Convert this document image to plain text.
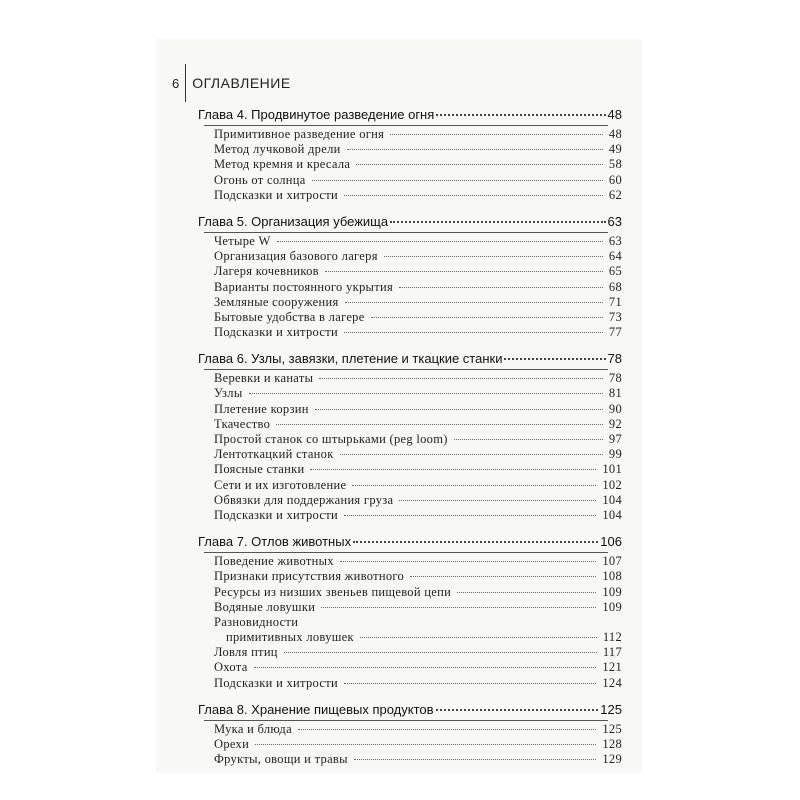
6 ОГЛАВЛЕНИЕ
Глава 4. Продвинутое разведение огня	48
Примитивное разведение огня	48
Метод лучковой дрели	49
Метод кремня и кресала	58
Огонь от солнца	60
Подсказки и хитрости	62
Глава 5. Организация убежища	63
Четыре W	63
Организация базового лагеря	64
Лагеря кочевников	65
Варианты постоянного укрытия	68
Земляные сооружения	71
Бытовые удобства в лагере	73
Подсказки и хитрости	77
Глава 6. Узлы, завязки, плетение и ткацкие станки	78
Веревки и канаты	78
Узлы	81
Плетение корзин	90
Ткачество	92
Простой станок со штырьками (peg loom)	97
Лентоткацкий станок	99
Поясные станки	101
Сети и их изготовление	102
Обвязки для поддержания груза	104
Подсказки и хитрости	104
Глава 7. Отлов животных	106
Поведение животных	107
Признаки присутствия животного	108
Ресурсы из низших звеньев пищевой цепи	109
Водяные ловушки	109
Разновидности
примитивных ловушек	112
Ловля птиц	117
Охота	121
Подсказки и хитрости	124
Глава 8. Хранение пищевых продуктов	125
Мука и блюда	125
Орехи	128
Фрукты, овощи и травы	129
